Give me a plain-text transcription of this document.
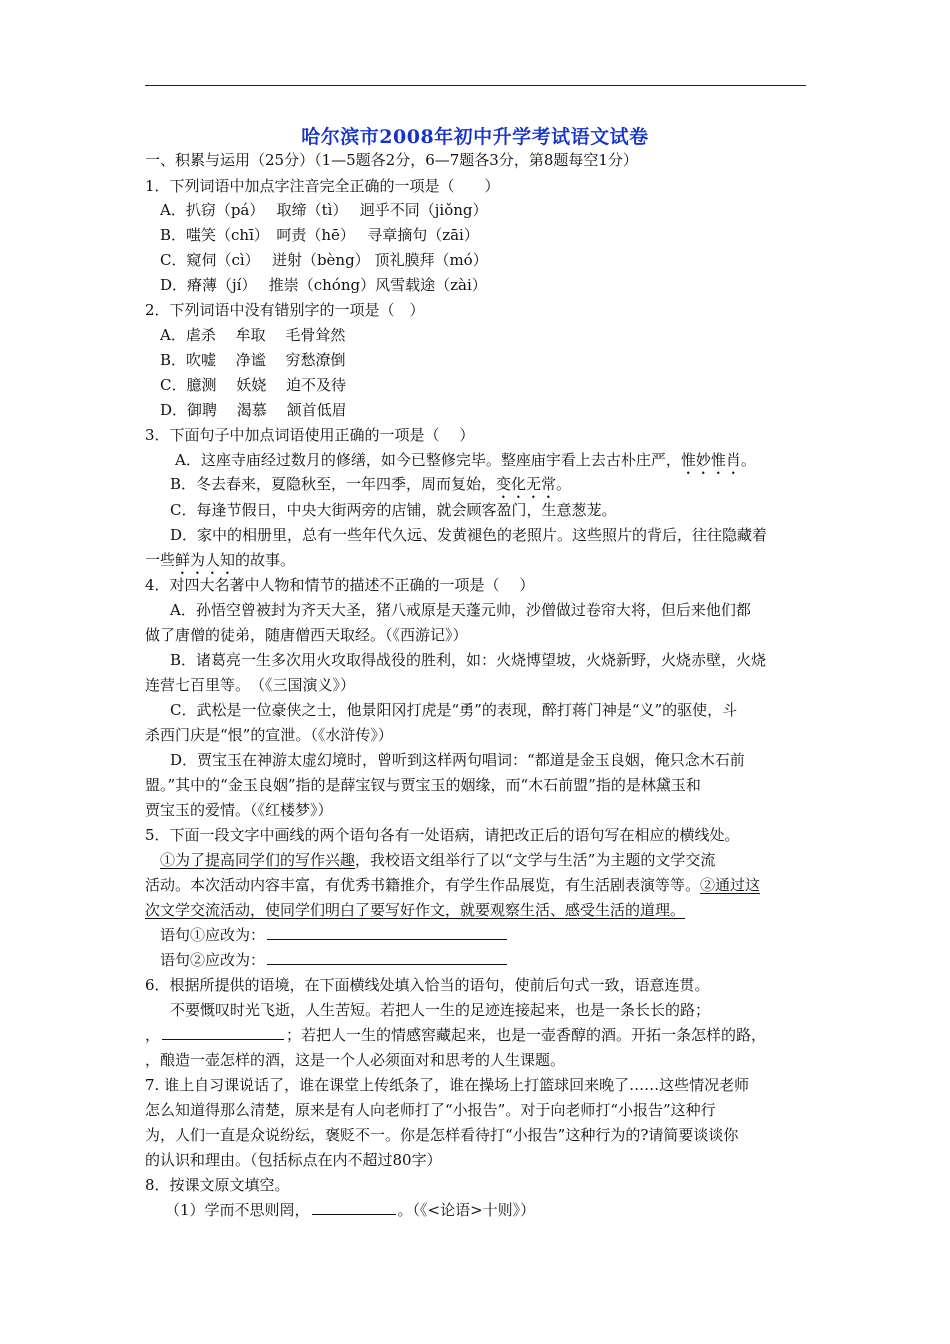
哈尔滨市2008年初中升学考试语文试卷
一、积累与运用（25分）（1—5题各2分，6—7题各3分，第8题每空1分）
1．下列词语中加点字注音完全正确的一项是（　　）
A．扒窃（pá）　 取缔（tì）　 迥乎不同（jiǒng）
B．嗤笑（chī）　呵责（hē）　 寻章摘句（zāi）
C．窥伺（cì）　 迸射（bèng） 顶礼膜拜（mó）
D．瘠薄（jí）　 推崇（chóng）风雪载途（zài）
2．下列词语中没有错别字的一项是（　）
A．虐杀　 牟取　 毛骨耸然
B．吹嘘　 净谧　 穷愁潦倒
C．臆测　 妖娆　 迫不及待
D．御聘　 渴慕　 颔首低眉
3．下面句子中加点词语使用正确的一项是（　 ）
A．这座寺庙经过数月的修缮，如今已整修完毕。整座庙宇看上去古朴庄严，惟妙惟肖。
B．冬去春来，夏隐秋至，一年四季，周而复始，变化无常。
C．每逢节假日，中央大街两旁的店铺，就会顾客盈门，生意葱茏。
D．家中的相册里，总有一些年代久远、发黄褪色的老照片。这些照片的背后，往往隐藏着
一些鲜为人知的故事。
4．对四大名著中人物和情节的描述不正确的一项是（　 ）
A．孙悟空曾被封为齐天大圣，猪八戒原是天蓬元帅，沙僧做过卷帘大将，但后来他们都
做了唐僧的徒弟，随唐僧西天取经。（《西游记》）
B．诸葛亮一生多次用火攻取得战役的胜利，如：火烧博望坡，火烧新野，火烧赤壁，火烧
连营七百里等。　（《三国演义》）
C．武松是一位豪侠之士，他景阳冈打虎是“勇”的表现，醉打蒋门神是“义”的驱使，斗
杀西门庆是“恨”的宣泄。（《水浒传》）
D．贾宝玉在神游太虚幻境时，曾听到这样两句唱词：“都道是金玉良姻，俺只念木石前
盟。”其中的“金玉良姻”指的是薛宝钗与贾宝玉的姻缘，而“木石前盟”指的是林黛玉和
贾宝玉的爱情。（《红楼梦》）
5．下面一段文字中画线的两个语句各有一处语病，请把改正后的语句写在相应的横线处。
①为了提高同学们的写作兴趣，我校语文组举行了以“文学与生活”为主题的文学交流
活动。本次活动内容丰富，有优秀书籍推介，有学生作品展览，有生活剧表演等等。②通过这
次文学交流活动，使同学们明白了要写好作文，就要观察生活、感受生活的道理。
语句①应改为：
语句②应改为：
6．根据所提供的语境，在下面横线处填入恰当的语句，使前后句式一致，语意连贯。
不要慨叹时光飞逝，人生苦短。若把人一生的足迹连接起来，也是一条长长的路；
，	；若把人一生的情感窖藏起来，也是一壶香醇的酒。开拓一条怎样的路，
，酿造一壶怎样的酒，这是一个人必须面对和思考的人生课题。
7. 谁上自习课说话了，谁在课堂上传纸条了，谁在操场上打篮球回来晚了……这些情况老师
怎么知道得那么清楚，原来是有人向老师打了“小报告”。对于向老师打“小报告”这种行
为，人们一直是众说纷纭，褒贬不一。你是怎样看待打“小报告”这种行为的?请简要谈谈你
的认识和理由。（包括标点在内不超过80字）
8．按课文原文填空。
（1）学而不思则罔，	。（《<论语>十则》）
